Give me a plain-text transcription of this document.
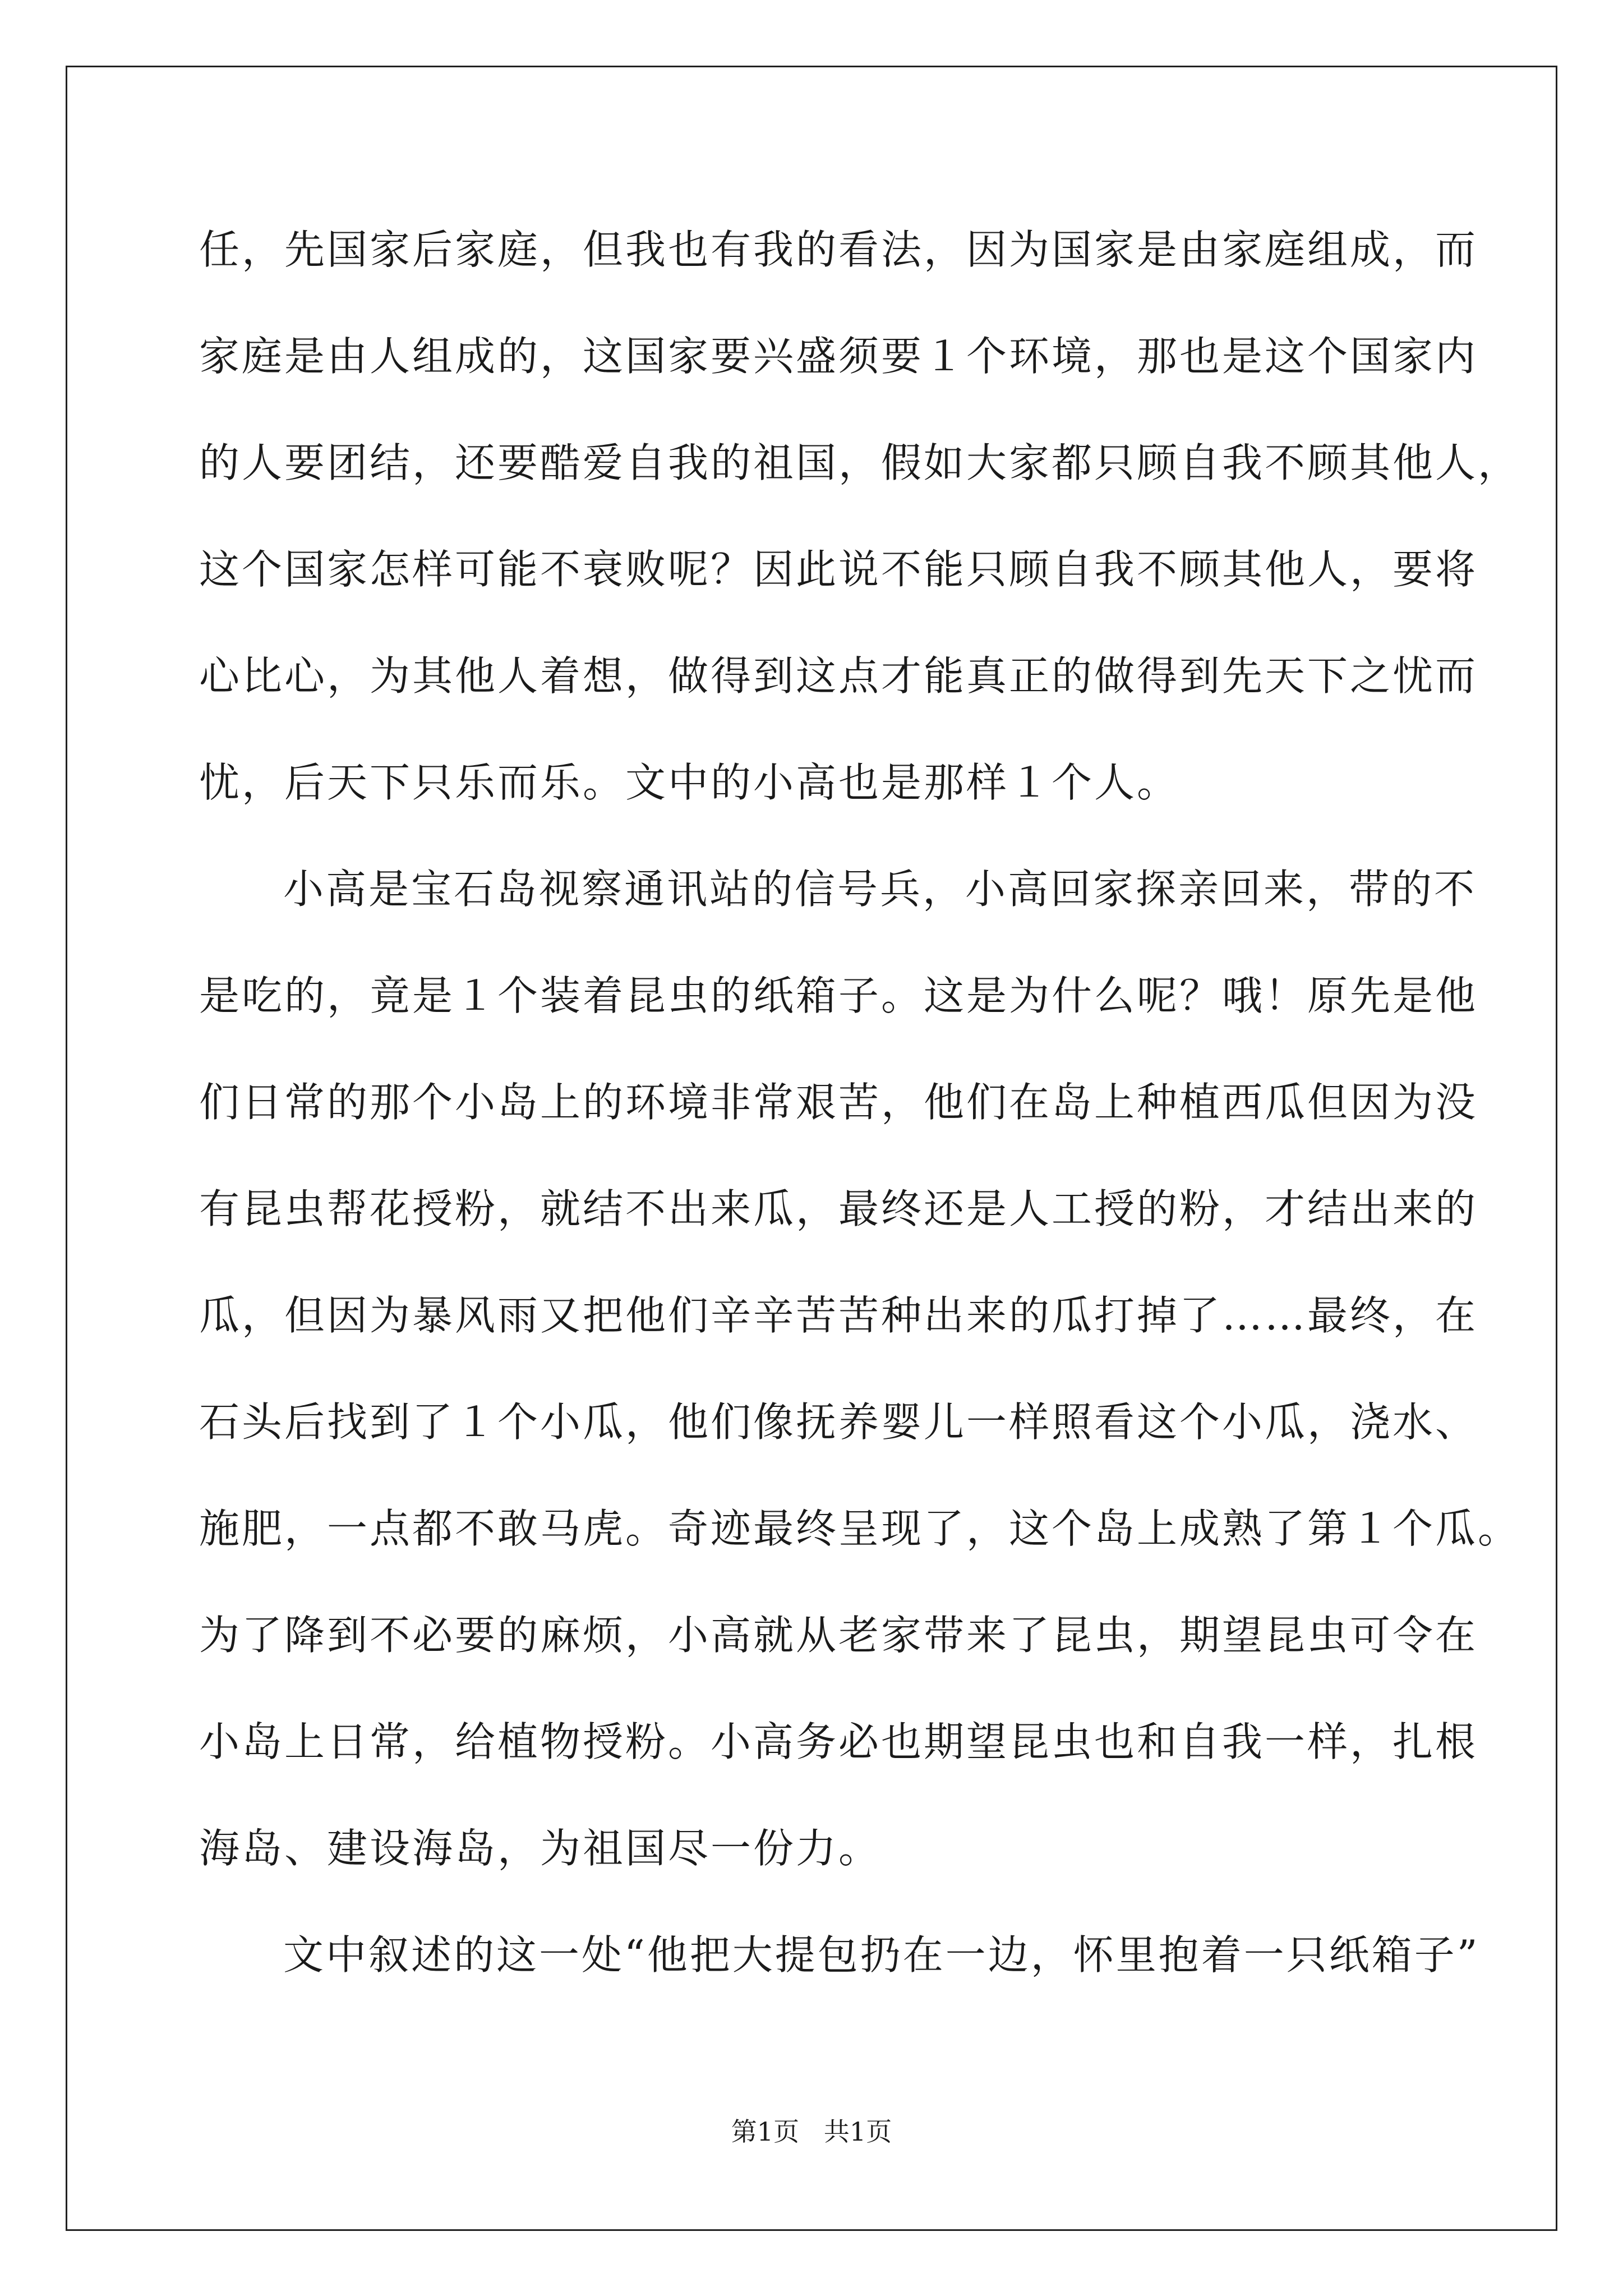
任，先国家后家庭，但我也有我的看法，因为国家是由家庭组成，而
家庭是由人组成的，这国家要兴盛须要１个环境，那也是这个国家内
的人要团结，还要酷爱自我的祖国，假如大家都只顾自我不顾其他人，
这个国家怎样可能不衰败呢？因此说不能只顾自我不顾其他人，要将
心比心，为其他人着想，做得到这点才能真正的做得到先天下之忧而
忧，后天下只乐而乐。文中的小高也是那样１个人。
小高是宝石岛视察通讯站的信号兵，小高回家探亲回来，带的不
是吃的，竟是１个装着昆虫的纸箱子。这是为什么呢？哦！原先是他
们日常的那个小岛上的环境非常艰苦，他们在岛上种植西瓜但因为没
有昆虫帮花授粉，就结不出来瓜，最终还是人工授的粉，才结出来的
瓜，但因为暴风雨又把他们辛辛苦苦种出来的瓜打掉了……最终，在
石头后找到了１个小瓜，他们像抚养婴儿一样照看这个小瓜，浇水、
施肥，一点都不敢马虎。奇迹最终呈现了，这个岛上成熟了第１个瓜。
为了降到不必要的麻烦，小高就从老家带来了昆虫，期望昆虫可令在
小岛上日常，给植物授粉。小高务必也期望昆虫也和自我一样，扎根
海岛、建设海岛，为祖国尽一份力。
文中叙述的这一处“他把大提包扔在一边，怀里抱着一只纸箱子”
第1页   共1页
